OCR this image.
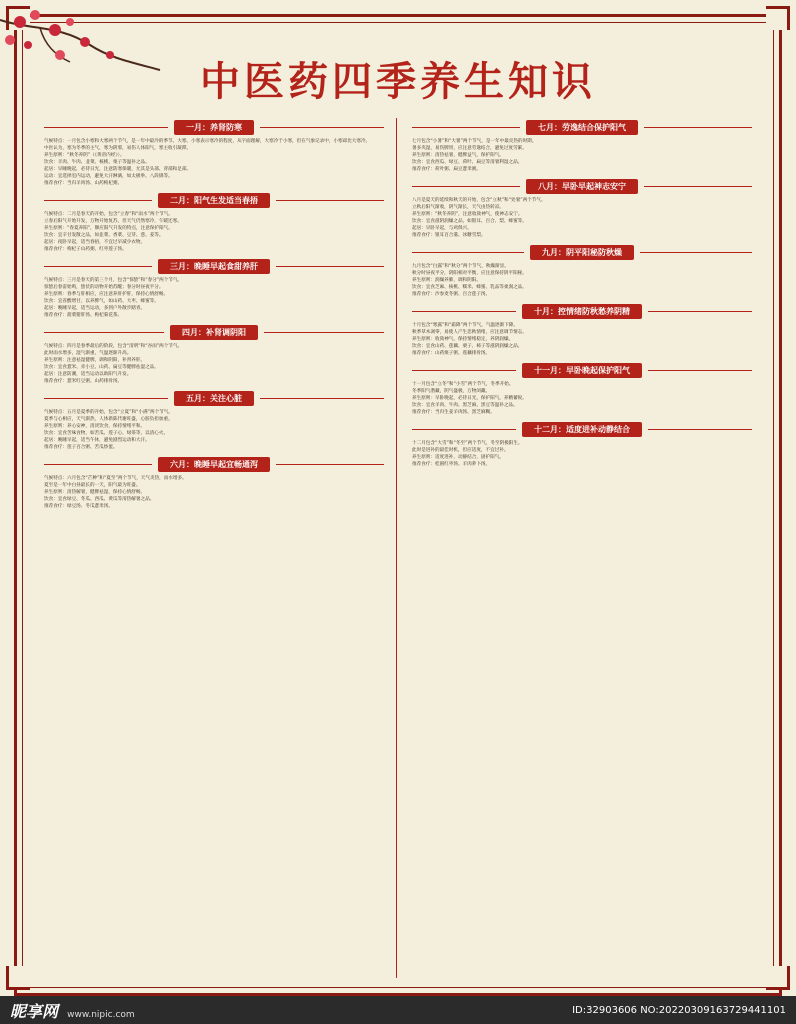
中医药四季养生知识
一月：养肾防寒

气候特点：一月包含小寒和大寒两个节气，是一年中最冷的季节。大寒、小寒表示寒冷的程度，从字面理解，大寒冷于小寒，但在气象记录中，小寒却比大寒冷。

中医认为，寒为冬季的主气，寒为阴邪，易伤人体阳气，寒主收引凝滞。

养生原则：“秋冬养阴”（《黄帝内经》）。

饮食：羊肉、牛肉、韭菜、核桃、栗子等温补之品。

起居：早睡晚起，必待日光，注意防寒保暖，尤其是头部、背部和足部。

运动：宜选择室内运动，避免大汗淋漓，如太极拳、八段锦等。

推荐食疗：当归羊肉汤、山药枸杞粥。

二月：阳气生发适当春捂

气候特点：二月是春天的开始，包含“立春”和“雨水”两个节气。

立春后阳气开始升发，万物开始复苏，但天气仍然寒冷，乍暖还寒。

养生原则：“春夏养阳”，顺应阳气升发的特点，注意保护阳气。

饮食：宜辛甘发散之品，如韭菜、香菜、豆芽、葱、姜等。

起居：夜卧早起，适当春捂，不宜过早减少衣物。

推荐食疗：枸杞子山药粥、红枣莲子汤。

三月：晚睡早起食甜养肝

气候特点：三月是春天的第三个月，包含“惊蛰”和“春分”两个节气。

惊蛰后春雷始鸣，蛰伏的动物开始苏醒；春分时昼夜平分。

养生原则：春季与肝相应，应注意养肝护肝，保持心情舒畅。

饮食：宜省酸增甘，以养脾气，如山药、大枣、蜂蜜等。

起居：晚睡早起，适当运动，多到户外散步踏青。

推荐食疗：菠菜猪肝汤、枸杞菊花茶。

四月：补肾调阴阳

气候特点：四月是春季最后的阶段，包含“清明”和“谷雨”两个节气。

此时雨水增多，湿气渐重，气温逐渐升高。

养生原则：注意祛湿健脾，调和阴阳，补肾养肝。

饮食：宜食薏米、赤小豆、山药、扁豆等健脾祛湿之品。

起居：注意防潮，适当运动以助阳气升发。

推荐食疗：薏米红豆粥、山药排骨汤。

五月：关注心脏

气候特点：五月是夏季的开始，包含“立夏”和“小满”两个节气。

夏季与心相应，天气渐热，人体新陈代谢旺盛，心脏负担加重。

养生原则：养心安神，清淡饮食，保持情绪平和。

饮食：宜食苦味食物，如苦瓜、莲子心、绿茶等，以清心火。

起居：晚睡早起，适当午休，避免剧烈运动和大汗。

推荐食疗：莲子百合粥、苦瓜炒蛋。

六月：晚睡早起宜畅通泻

气候特点：六月包含“芒种”和“夏至”两个节气，天气炎热，雨水增多。

夏至是一年中白昼最长的一天，阳气最为旺盛。

养生原则：清热解暑，健脾祛湿，保持心情舒畅。

饮食：宜食绿豆、冬瓜、西瓜、黄瓜等清热解暑之品。

推荐食疗：绿豆汤、冬瓜薏米汤。

七月：劳逸结合保护阳气

七月包含“小暑”和“大暑”两个节气，是一年中最炎热的时期。

暑多夹湿，易伤脾胃，应注意劳逸结合，避免过度劳累。

养生原则：清热祛暑，健脾益气，保护阳气。

饮食：宜食西瓜、绿豆、荷叶、扁豆等清暑利湿之品。

推荐食疗：荷叶粥、扁豆薏米粥。

八月：早卧早起神志安宁

八月是夏天的延续和秋天的开始，包含“立秋”和“处暑”两个节气。

立秋后阳气渐收，阴气渐长，天气由热转凉。

养生原则：“秋冬养阴”，注意收敛神气，使神志安宁。

饮食：宜食滋阴润燥之品，如银耳、百合、梨、蜂蜜等。

起居：早卧早起，与鸡俱兴。

推荐食疗：银耳百合羹、冰糖雪梨。

九月：阴平阳秘防秋燥

九月包含“白露”和“秋分”两个节气，秋燥渐显。

秋分时昼夜平分，阴阳相对平衡，应注意保持阴平阳秘。

养生原则：润燥养肺，调和阴阳。

饮食：宜食芝麻、核桃、糯米、蜂蜜、乳品等柔润之品。

推荐食疗：沙参麦冬粥、百合莲子汤。

十月：控情绪防秋愁养阴精

十月包含“寒露”和“霜降”两个节气，气温逐渐下降。

秋季草木凋零，易使人产生悲秋情绪，应注意调节情志。

养生原则：收敛神气，保持情绪稳定，养阴润燥。

饮食：宜食山药、莲藕、栗子、柿子等滋阴润燥之品。

推荐食疗：山药栗子粥、莲藕排骨汤。

十一月：早卧晚起保护阳气

十一月包含“立冬”和“小雪”两个节气，冬季开始。

冬季阳气潜藏，阴气盛极，万物闭藏。

养生原则：早卧晚起，必待日光，保护阳气，养精蓄锐。

饮食：宜食羊肉、牛肉、黑芝麻、黑豆等温补之品。

推荐食疗：当归生姜羊肉汤、黑芝麻糊。

十二月：适度进补动静结合

十二月包含“大雪”和“冬至”两个节气，冬至阴极阳生。

此时是进补的最佳时机，但应适度，不宜过补。

养生原则：适度进补，动静结合，固护阳气。

推荐食疗：桂圆红枣汤、羊肉萝卜汤。

昵享网 www.nipic.com	ID:32903606 NO:20220309163729441101
